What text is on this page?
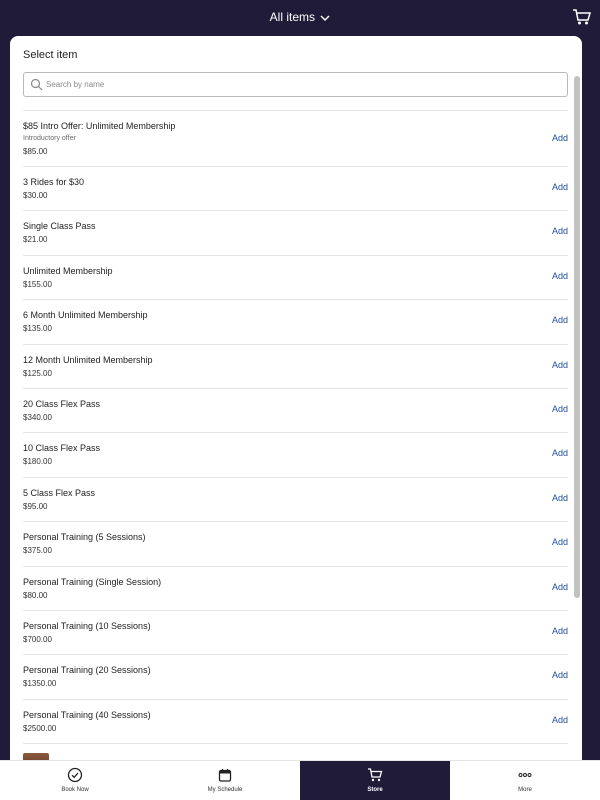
All items
Select item
Search by name
$85 Intro Offer: Unlimited Membership
Introductory offer
$85.00
Add
3 Rides for $30
$30.00
Add
Single Class Pass
$21.00
Add
Unlimited Membership
$155.00
Add
6 Month Unlimited Membership
$135.00
Add
12 Month Unlimited Membership
$125.00
Add
20 Class Flex Pass
$340.00
Add
10 Class Flex Pass
$180.00
Add
5 Class Flex Pass
$95.00
Add
Personal Training (5 Sessions)
$375.00
Add
Personal Training (Single Session)
$80.00
Add
Personal Training (10 Sessions)
$700.00
Add
Personal Training (20 Sessions)
$1350.00
Add
Personal Training (40 Sessions)
$2500.00
Add
Book Now	My Schedule	Store	More
